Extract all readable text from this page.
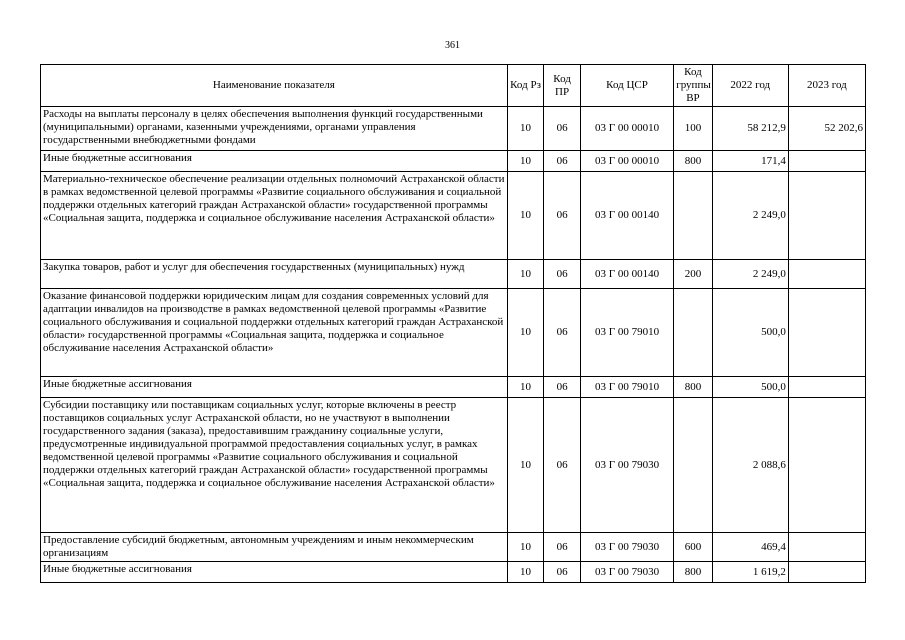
361
Наименование показателя	Код Рз	Код ПР	Код ЦСР	Код группы ВР	2022 год	2023 год
Расходы на выплаты персоналу в целях обеспечения выполнения функций государственными (муниципальными) органами, казенными учреждениями, органами управления государственными внебюджетными фондами	10	06	03 Г 00 00010	100	58 212,9	52 202,6
Иные бюджетные ассигнования	10	06	03 Г 00 00010	800	171,4	
Материально-техническое обеспечение реализации отдельных полномочий Астраханской области в рамках ведомственной целевой программы «Развитие социального обслуживания и социальной поддержки отдельных категорий граждан Астраханской области» государственной программы «Социальная защита, поддержка и социальное обслуживание населения Астраханской области»	10	06	03 Г 00 00140		2 249,0	
Закупка товаров, работ и услуг для обеспечения государственных (муниципальных) нужд	10	06	03 Г 00 00140	200	2 249,0	
Оказание финансовой поддержки юридическим лицам для создания современных условий для адаптации инвалидов на производстве в рамках ведомственной целевой программы «Развитие социального обслуживания и социальной поддержки отдельных категорий граждан Астраханской области» государственной программы «Социальная защита, поддержка и социальное обслуживание населения Астраханской области»	10	06	03 Г 00 79010		500,0	
Иные бюджетные ассигнования	10	06	03 Г 00 79010	800	500,0	
Субсидии поставщику или поставщикам социальных услуг, которые включены в реестр поставщиков социальных услуг Астраханской области, но не участвуют в выполнении государственного задания (заказа), предоставившим гражданину социальные услуги, предусмотренные индивидуальной программой предоставления социальных услуг, в рамках ведомственной целевой программы «Развитие социального обслуживания и социальной поддержки отдельных категорий граждан Астраханской области» государственной программы «Социальная защита, поддержка и социальное обслуживание населения Астраханской области»	10	06	03 Г 00 79030		2 088,6	
Предоставление субсидий бюджетным, автономным учреждениям и иным некоммерческим организациям	10	06	03 Г 00 79030	600	469,4	
Иные бюджетные ассигнования	10	06	03 Г 00 79030	800	1 619,2	
